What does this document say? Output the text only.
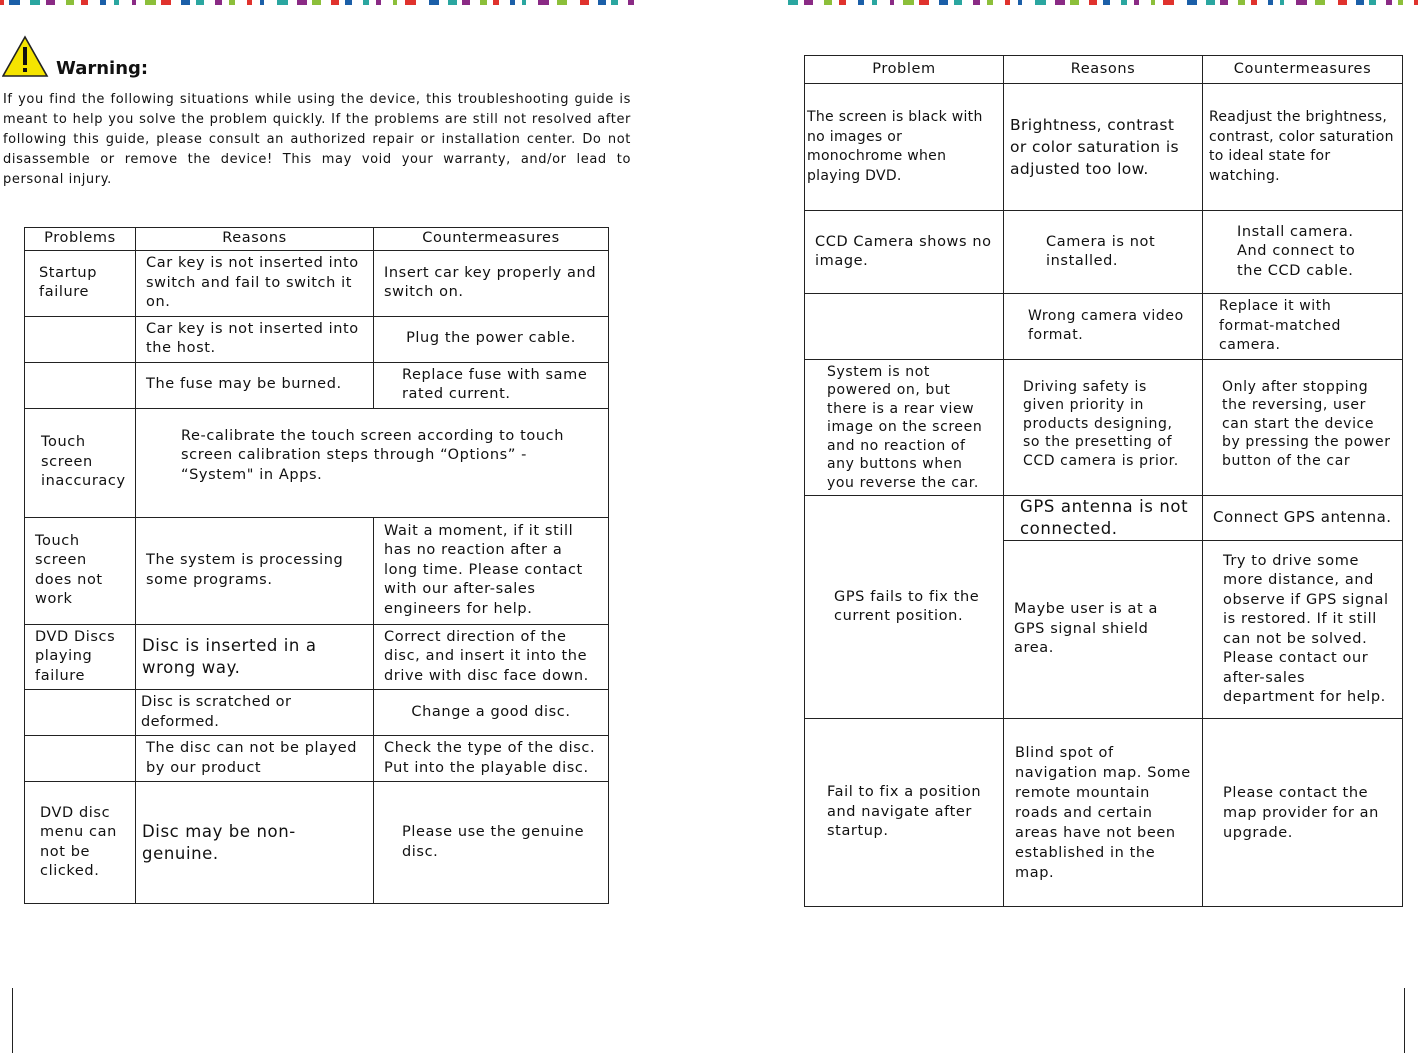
Warning:
If you find the following situations while using the device, this troubleshooting guide is meant to help you solve the problem quickly. If the problems are still not resolved after following this guide, please consult an authorized repair or installation center. Do not disassemble or remove the device! This may void your warranty, and/or lead to personal injury.
Problems	Reasons	Countermeasures
Startup failure	Car key is not inserted into switch and fail to switch it on.	Insert car key properly and switch on.
	Car key is not inserted into the host.	Plug the power cable.
	The fuse may be burned.	Replace fuse with same rated current.
Touch screen inaccuracy	Re-calibrate the touch screen according to touch screen calibration steps through “Options” - “System" in Apps.	
Touch screen does not work	The system is processing some programs.	Wait a moment, if it still has no reaction after a long time. Please contact with our after-sales engineers for help.
DVD Discs playing failure	Disc is inserted in a wrong way.	Correct direction of the disc, and insert it into the drive with disc face down.
	Disc is scratched or deformed.	Change a good disc.
	The disc can not be played by our product	Check the type of the disc. Put into the playable disc.
DVD disc menu can not be clicked.	Disc may be non-genuine.	Please use the genuine disc.
Problem	Reasons	Countermeasures
The screen is black with no images or monochrome when playing DVD.	Brightness, contrast or color saturation is adjusted too low.	Readjust the brightness, contrast, color saturation to ideal state for watching.
CCD Camera shows no image.	Camera is not installed.	Install camera. And connect to the CCD cable.
	Wrong camera video format.	Replace it with format-matched camera.
System is not powered on, but there is a rear view image on the screen and no reaction of any buttons when you reverse the car.	Driving safety is given priority in products designing, so the presetting of CCD camera is prior.	Only after stopping the reversing, user can start the device by pressing the power button of the car
GPS fails to fix the current position.	GPS antenna is not connected.	Connect GPS antenna.
	Maybe user is at a GPS signal shield area.	Try to drive some more distance, and observe if GPS signal is restored. If it still can not be solved. Please contact our after-sales department for help.
Fail to fix a position and navigate after startup.	Blind spot of navigation map. Some remote mountain roads and certain areas have not been established in the map.	Please contact the map provider for an upgrade.
